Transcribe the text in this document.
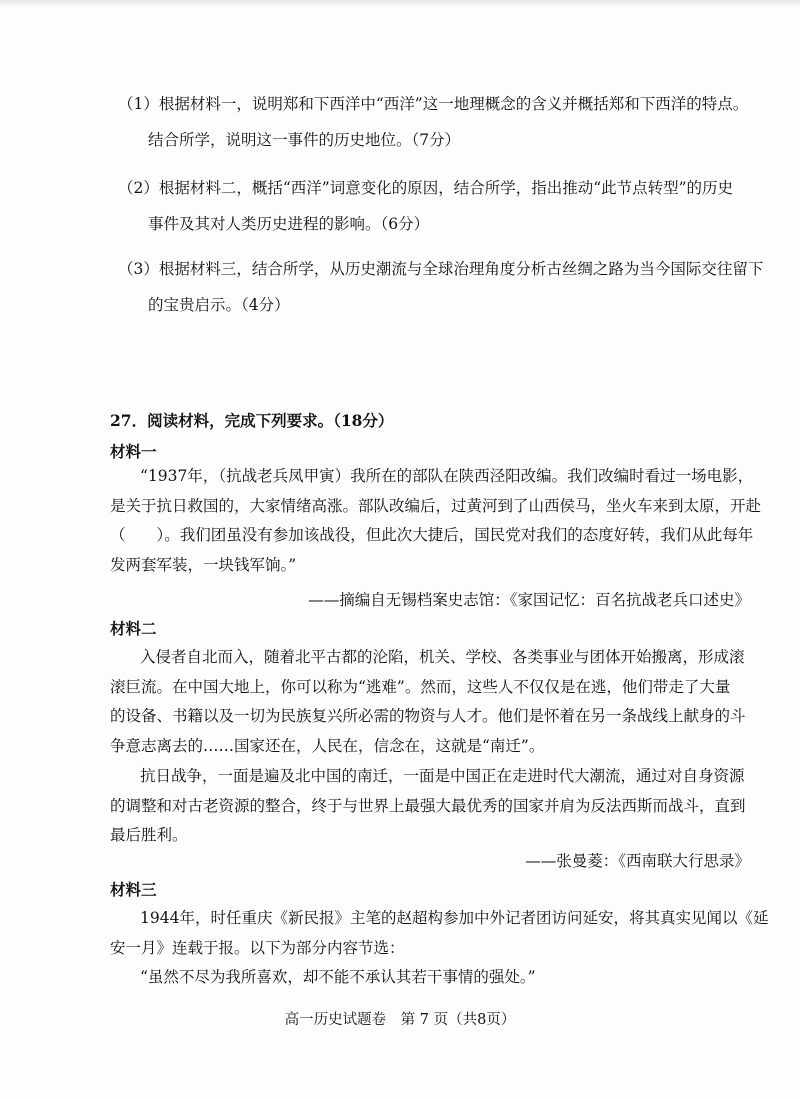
（1）根据材料一，说明郑和下西洋中“西洋”这一地理概念的含义并概括郑和下西洋的特点。
结合所学，说明这一事件的历史地位。（7分）
（2）根据材料二，概括“西洋”词意变化的原因，结合所学，指出推动“此节点转型”的历史
事件及其对人类历史进程的影响。（6分）
（3）根据材料三，结合所学，从历史潮流与全球治理角度分析古丝绸之路为当今国际交往留下
的宝贵启示。（4分）
27．阅读材料，完成下列要求。（18分）
材料一
“1937年，（抗战老兵凤甲寅）我所在的部队在陕西泾阳改编。我们改编时看过一场电影，
是关于抗日救国的，大家情绪高涨。部队改编后，过黄河到了山西侯马，坐火车来到太原，开赴
（　　）。我们团虽没有参加该战役，但此次大捷后，国民党对我们的态度好转，我们从此每年
发两套军装，一块钱军饷。”
——摘编自无锡档案史志馆：《家国记忆：百名抗战老兵口述史》
材料二
入侵者自北而入，随着北平古都的沦陷，机关、学校、各类事业与团体开始搬离，形成滚
滚巨流。在中国大地上，你可以称为“逃难”。然而，这些人不仅仅是在逃，他们带走了大量
的设备、书籍以及一切为民族复兴所必需的物资与人才。他们是怀着在另一条战线上献身的斗
争意志离去的……国家还在，人民在，信念在，这就是“南迁”。
抗日战争，一面是遍及北中国的南迁，一面是中国正在走进时代大潮流，通过对自身资源
的调整和对古老资源的整合，终于与世界上最强大最优秀的国家并肩为反法西斯而战斗，直到
最后胜利。
——张曼菱：《西南联大行思录》
材料三
1944年，时任重庆《新民报》主笔的赵超构参加中外记者团访问延安，将其真实见闻以《延
安一月》连载于报。以下为部分内容节选：
“虽然不尽为我所喜欢，却不能不承认其若干事情的强处。”
高一历史试题卷　第 7 页（共8页）
